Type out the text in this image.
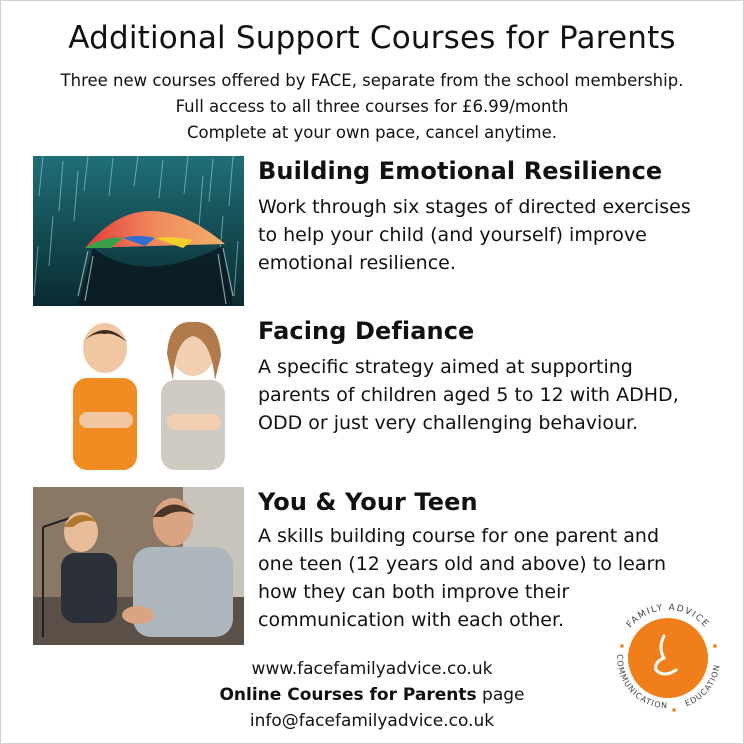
Additional Support Courses for Parents
Three new courses offered by FACE, separate from the school membership.
Full access to all three courses for £6.99/month
Complete at your own pace, cancel anytime.
Building Emotional Resilience
Work through six stages of directed exercises to help your child (and yourself) improve emotional resilience.
Facing Defiance
A specific strategy aimed at supporting parents of children aged 5 to 12 with ADHD, ODD or just very challenging behaviour.
You & Your Teen
A skills building course for one parent and one teen (12 years old and above) to learn how they can both improve their communication with each other.
www.facefamilyadvice.co.uk
Online Courses for Parents page
info@facefamilyadvice.co.uk
FAMILY ADVICE
COMMUNICATION EDUCATION
